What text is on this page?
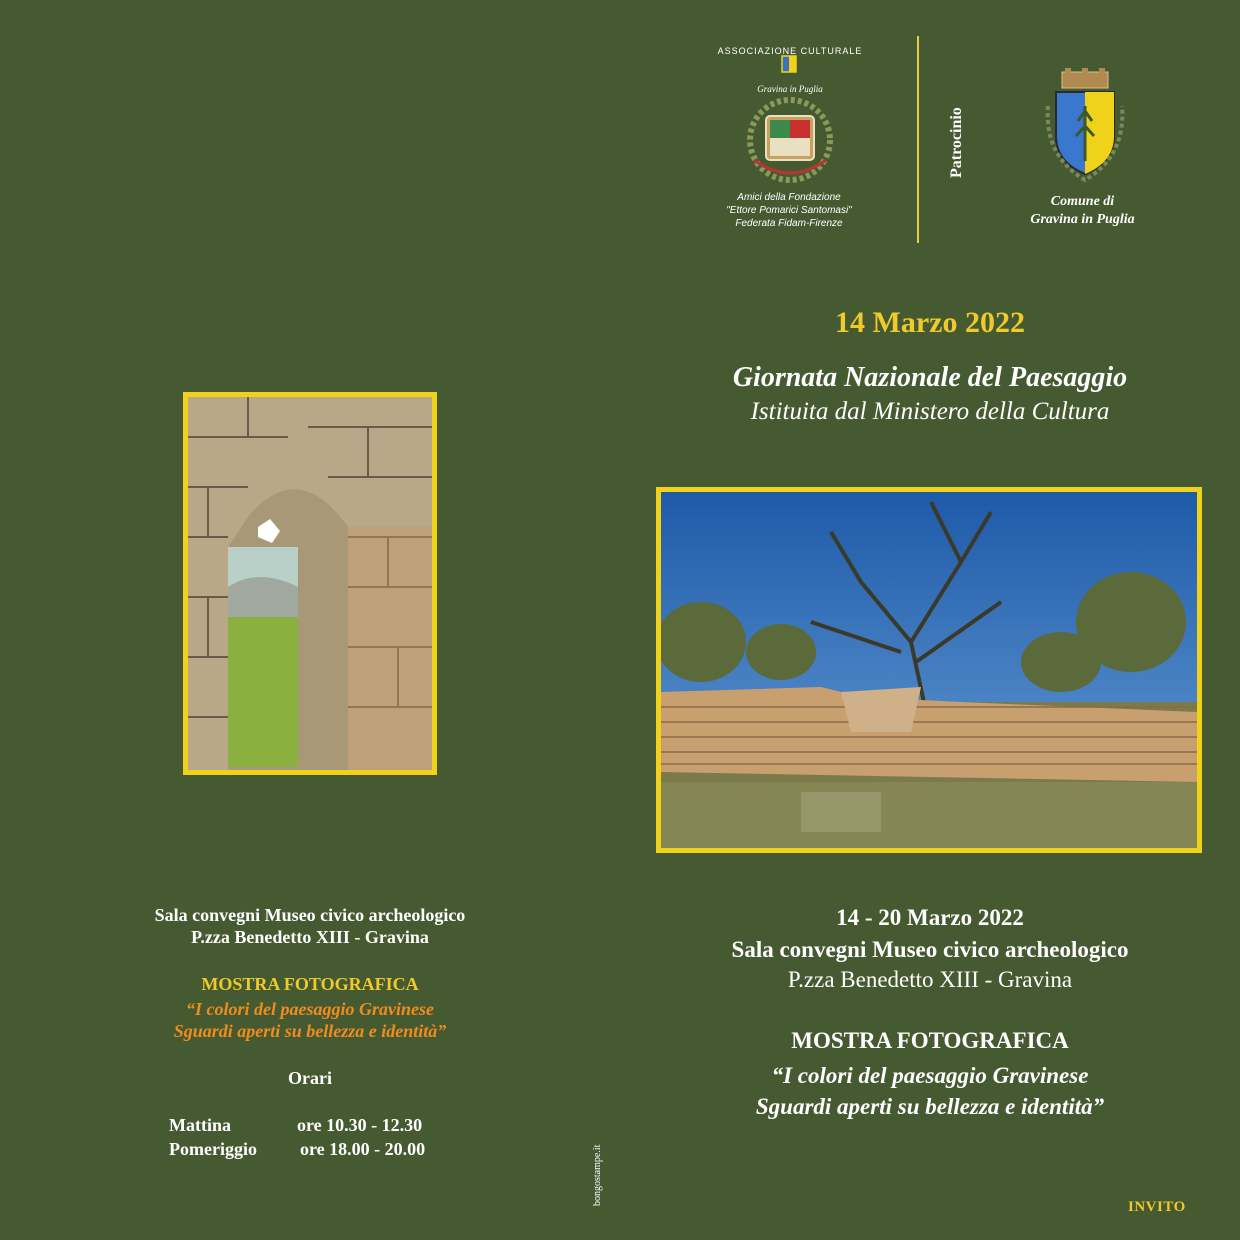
ASSOCIAZIONE CULTURALE
Gravina in Puglia
Amici della Fondazione
"Ettore Pomarici Santomasi"
Federata Fidam-Firenze
Patrocinio
Comune di
Gravina in Puglia
14 Marzo 2022
Giornata Nazionale del Paesaggio
Istituita dal Ministero della Cultura
Sala convegni Museo civico archeologico
P.zza Benedetto XIII - Gravina
MOSTRA FOTOGRAFICA
“I colori del paesaggio Gravinese
Sguardi aperti su bellezza e identità”
Orari
Mattina	ore 10.30 - 12.30
Pomeriggio ore 18.00 - 20.00	bongostampe.it
14 - 20 Marzo 2022
Sala convegni Museo civico archeologico
P.zza Benedetto XIII - Gravina
MOSTRA FOTOGRAFICA
“I colori del paesaggio Gravinese
Sguardi aperti su bellezza e identità”
INVITO
